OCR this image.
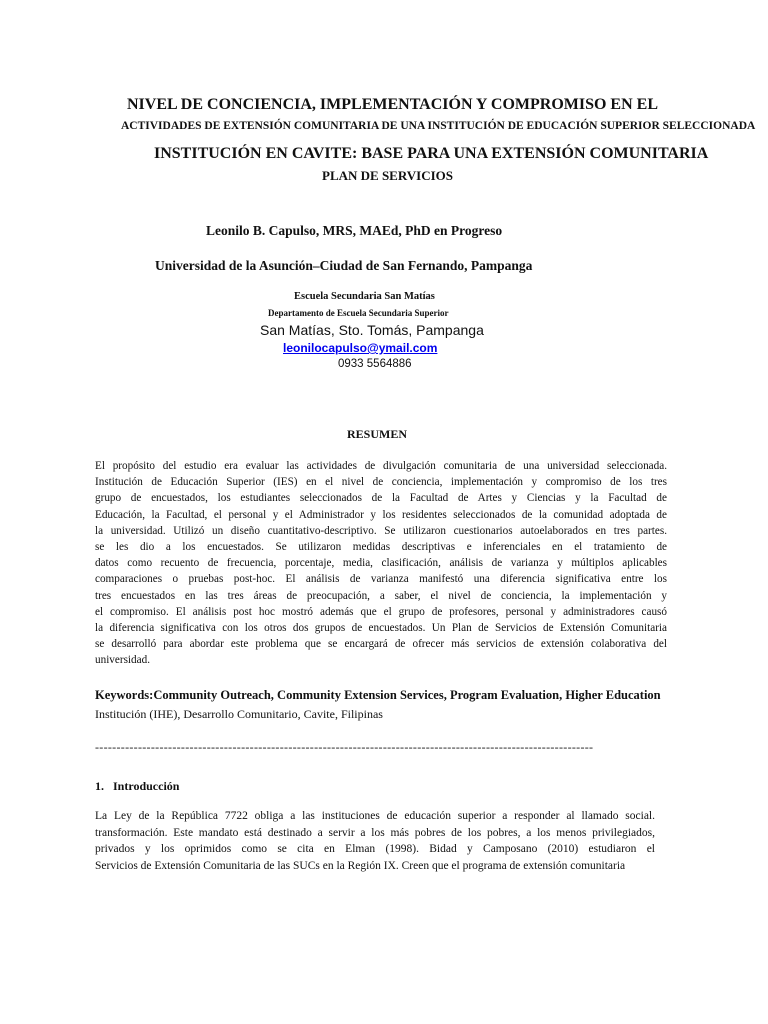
NIVEL DE CONCIENCIA, IMPLEMENTACIÓN Y COMPROMISO EN EL
ACTIVIDADES DE EXTENSIÓN COMUNITARIA DE UNA INSTITUCIÓN DE EDUCACIÓN SUPERIOR SELECCIONADA
INSTITUCIÓN EN CAVITE: BASE PARA UNA EXTENSIÓN COMUNITARIA
PLAN DE SERVICIOS

Leonilo B. Capulso, MRS, MAEd, PhD en Progreso

Universidad de la Asunción–Ciudad de San Fernando, Pampanga

Escuela Secundaria San Matías

Departamento de Escuela Secundaria Superior

San Matías, Sto. Tomás, Pampanga

leonilocapulso@ymail.com

0933 5564886

RESUMEN
El propósito del estudio era evaluar las actividades de divulgación comunitaria de una universidad seleccionada.
Institución de Educación Superior (IES) en el nivel de conciencia, implementación y compromiso de los tres
grupo de encuestados, los estudiantes seleccionados de la Facultad de Artes y Ciencias y la Facultad de
Educación, la Facultad, el personal y el Administrador y los residentes seleccionados de la comunidad adoptada de
la universidad. Utilizó un diseño cuantitativo-descriptivo. Se utilizaron cuestionarios autoelaborados en tres partes.
se les dio a los encuestados. Se utilizaron medidas descriptivas e inferenciales en el tratamiento de
datos como recuento de frecuencia, porcentaje, media, clasificación, análisis de varianza y múltiplos aplicables
comparaciones o pruebas post-hoc. El análisis de varianza manifestó una diferencia significativa entre los
tres encuestados en las tres áreas de preocupación, a saber, el nivel de conciencia, la implementación y
el compromiso. El análisis post hoc mostró además que el grupo de profesores, personal y administradores causó
la diferencia significativa con los otros dos grupos de encuestados. Un Plan de Servicios de Extensión Comunitaria
se desarrolló para abordar este problema que se encargará de ofrecer más servicios de extensión colaborativa del
universidad.

Keywords:Community Outreach, Community Extension Services, Program Evaluation, Higher Education

Institución (IHE), Desarrollo Comunitario, Cavite, Filipinas

--------------------------------------------------------------------------------------------------------------------

1. Introducción

La Ley de la República 7722 obliga a las instituciones de educación superior a responder al llamado social.
transformación. Este mandato está destinado a servir a los más pobres de los pobres, a los menos privilegiados,
privados y los oprimidos como se cita en Elman (1998). Bidad y Camposano (2010) estudiaron el
Servicios de Extensión Comunitaria de las SUCs en la Región IX. Creen que el programa de extensión comunitaria
